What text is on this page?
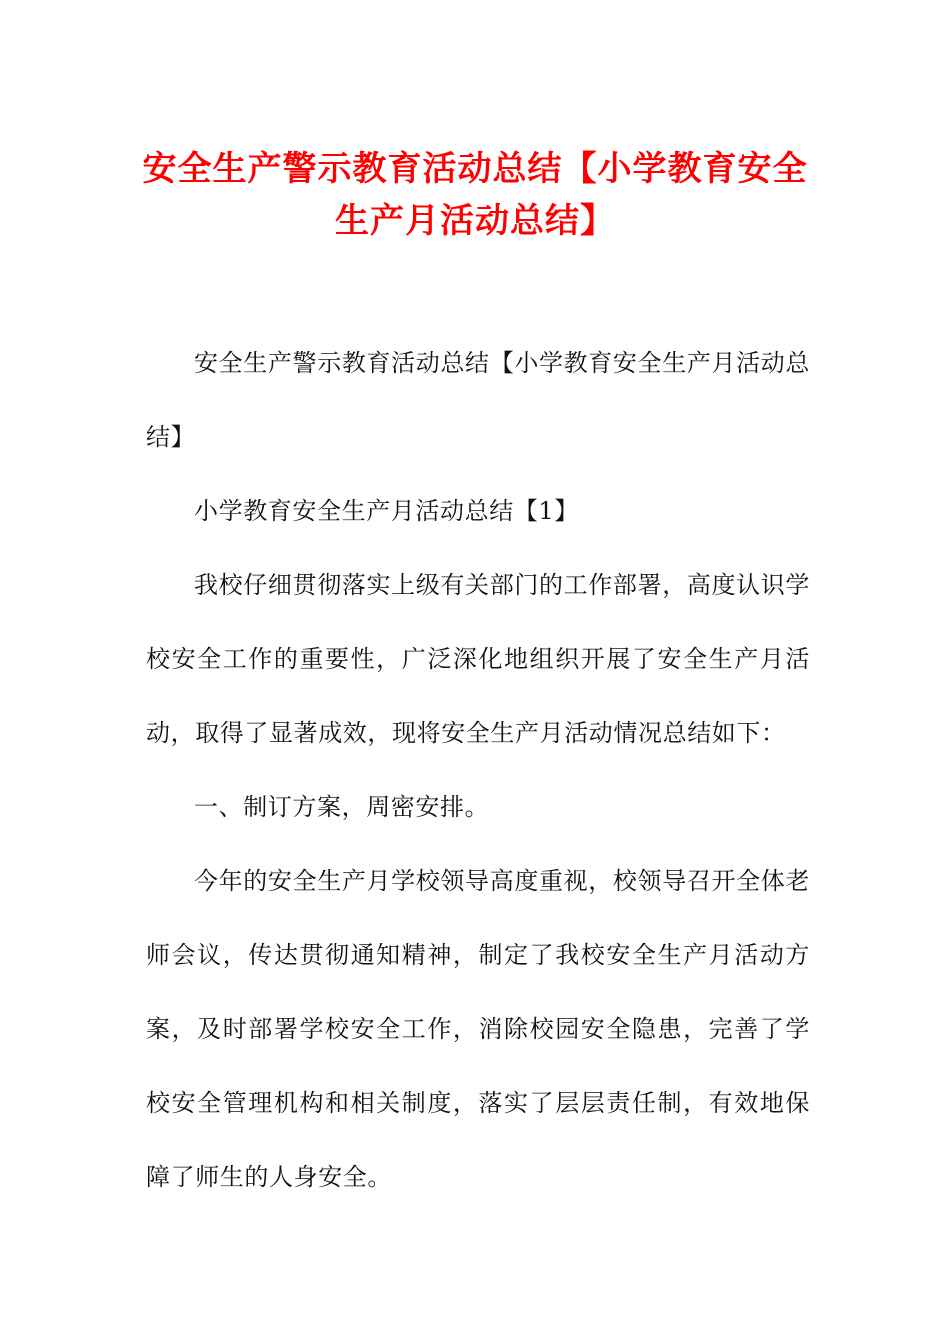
安全生产警示教育活动总结【小学教育安全生产月活动总结】

安全生产警示教育活动总结【小学教育安全生产月活动总结】

小学教育安全生产月活动总结【1】

我校仔细贯彻落实上级有关部门的工作部署，高度认识学校安全工作的重要性，广泛深化地组织开展了安全生产月活动，取得了显著成效，现将安全生产月活动情况总结如下：

一、制订方案，周密安排。

今年的安全生产月学校领导高度重视，校领导召开全体老师会议，传达贯彻通知精神，制定了我校安全生产月活动方案，及时部署学校安全工作，消除校园安全隐患，完善了学校安全管理机构和相关制度，落实了层层责任制，有效地保障了师生的人身安全。
